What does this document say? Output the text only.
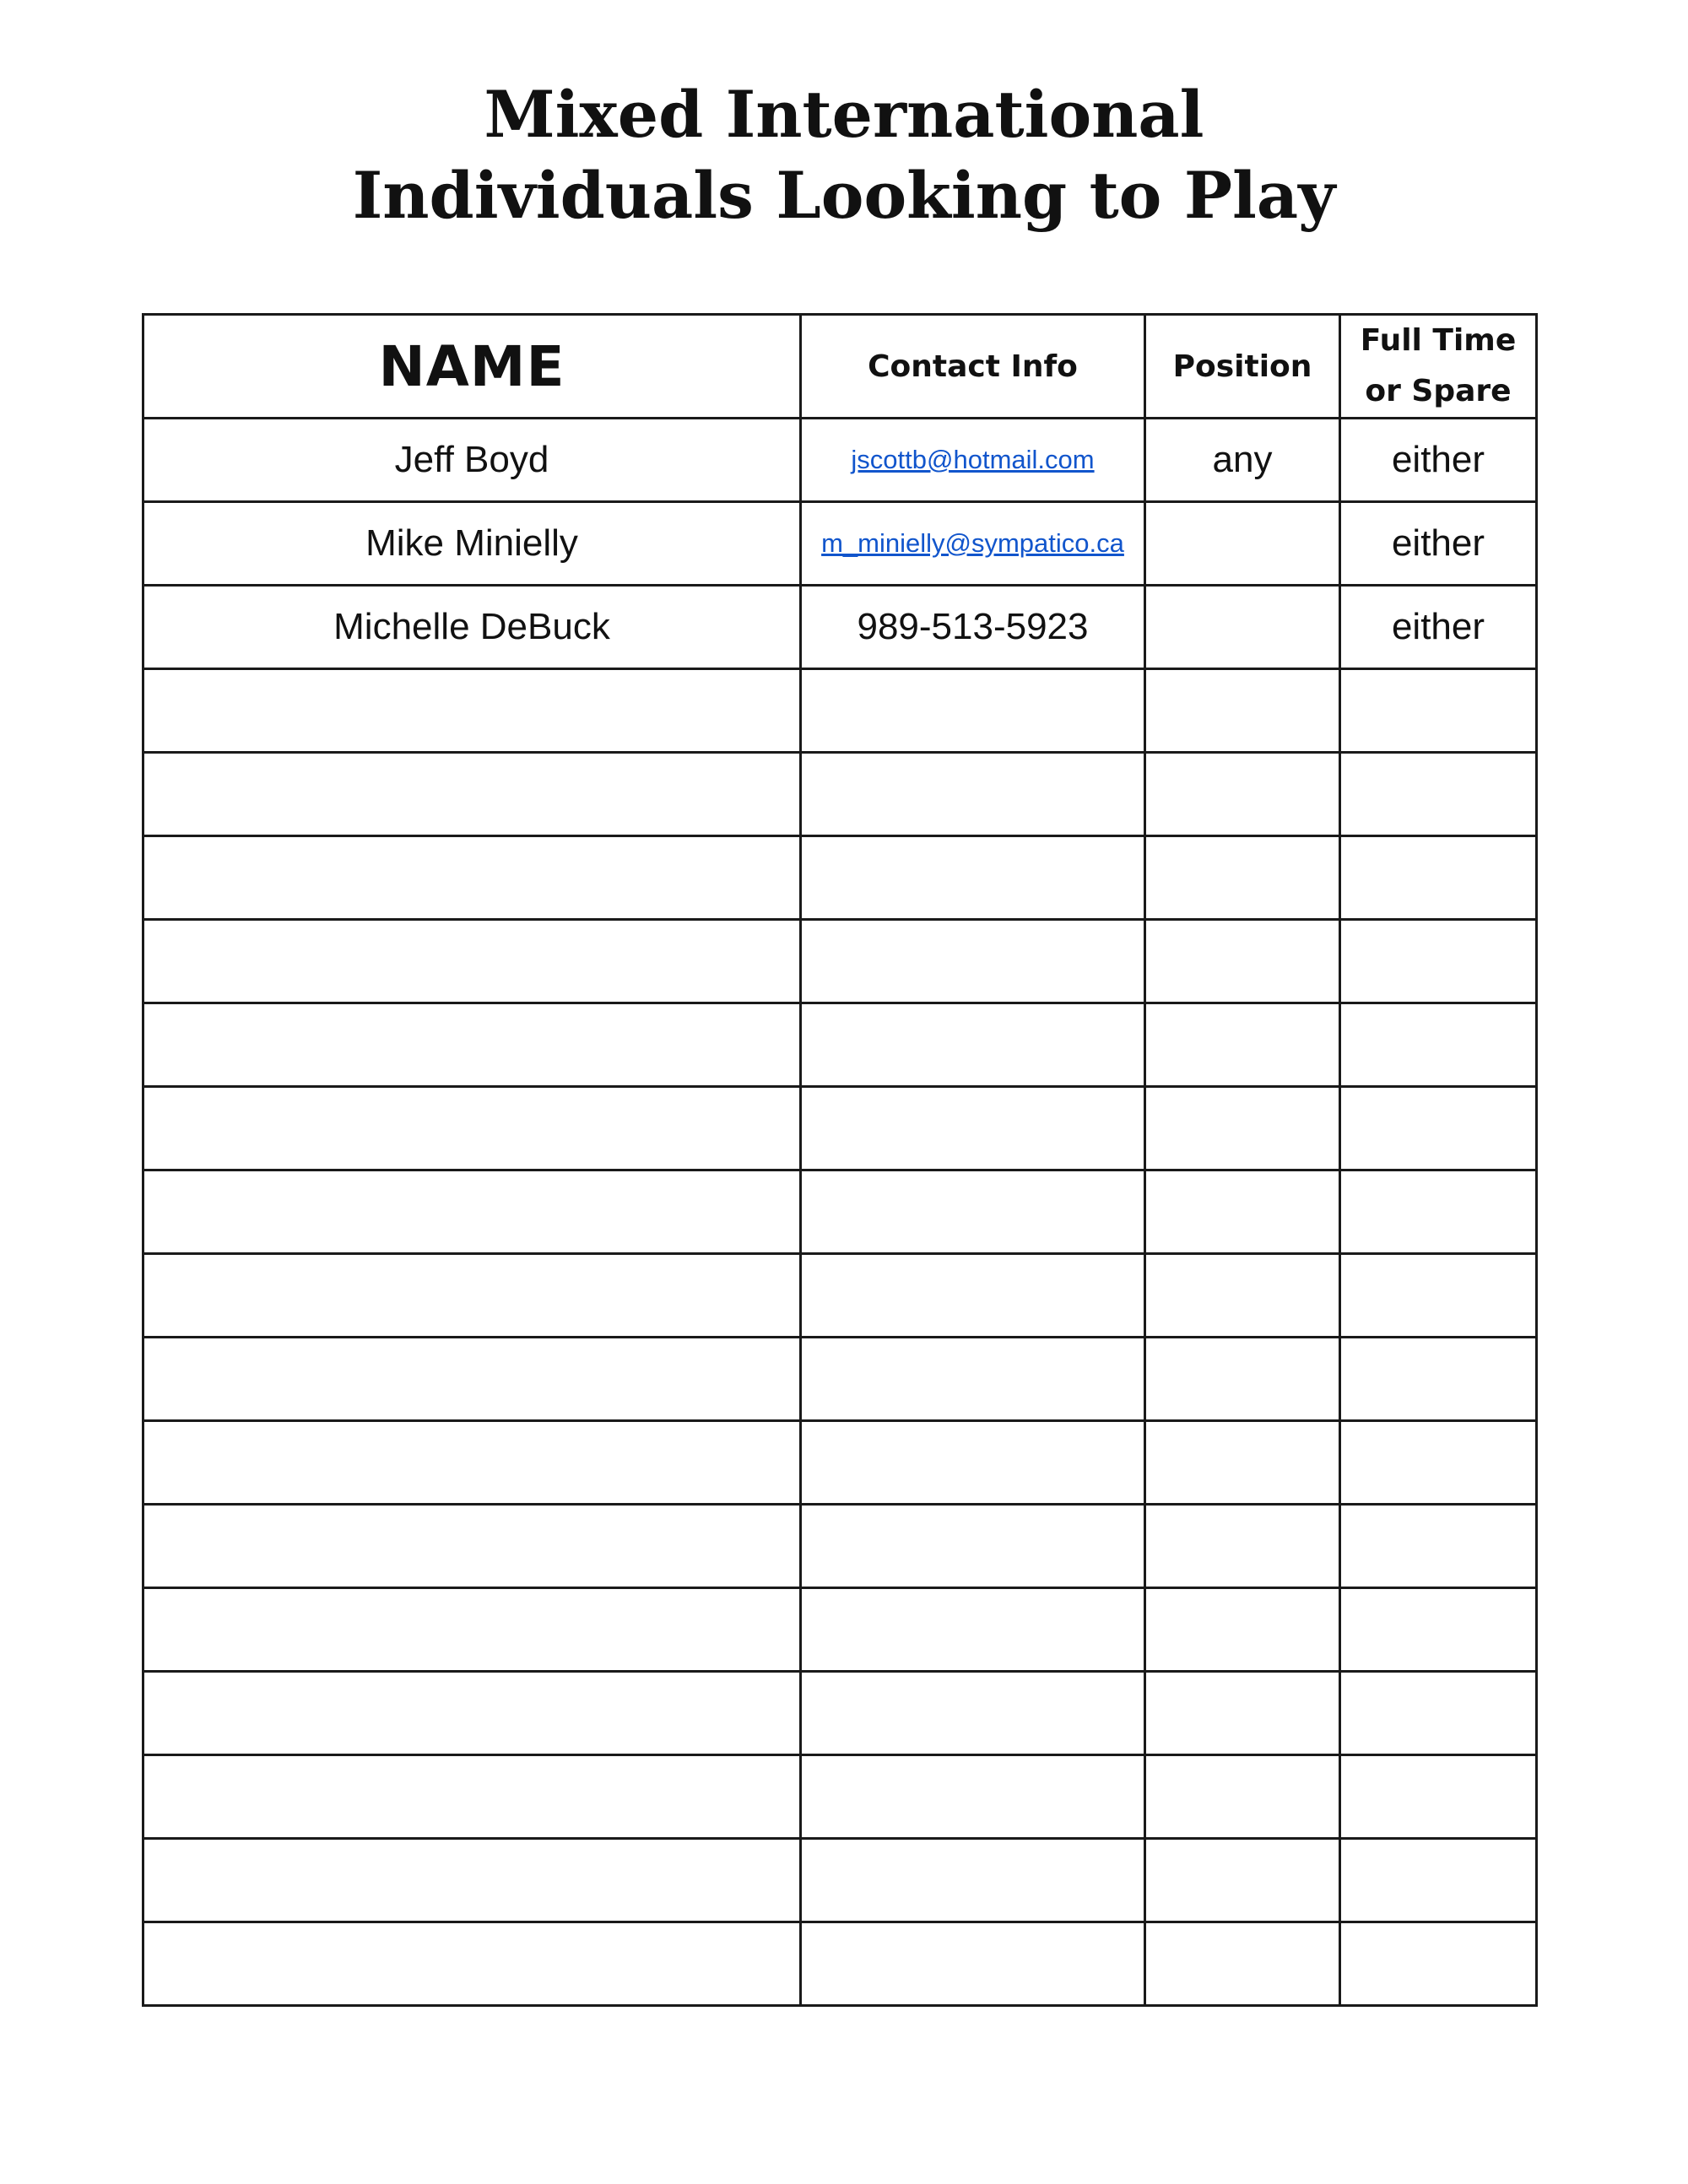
Mixed International
Individuals Looking to Play
NAME	Contact Info	Position	Full Time
or Spare
Jeff Boyd	jscottb@hotmail.com	any	either
Mike Minielly	m_minielly@sympatico.ca		either
Michelle DeBuck	989-513-5923		either
